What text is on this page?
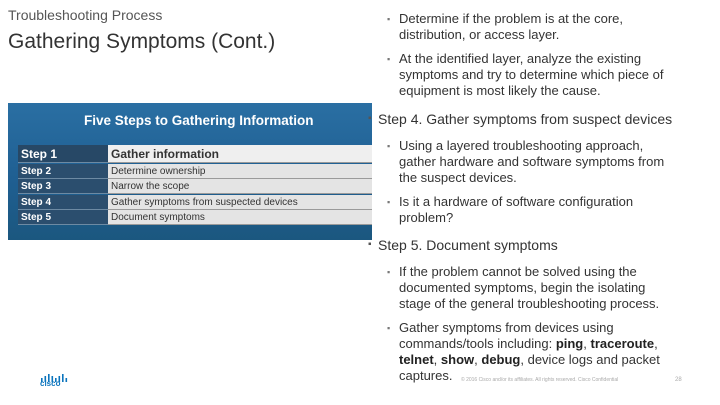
Troubleshooting Process
Gathering Symptoms (Cont.)
Five Steps to Gathering Information
Step 1	Gather information
Step 2	Determine ownership
Step 3	Narrow the scope
Step 4	Gather symptoms from suspected devices
Step 5	Document symptoms
▪ Determine if the problem is at the core,
distribution, or access layer.
▪ At the identified layer, analyze the existing
symptoms and try to determine which piece of
equipment is most likely the cause.
▪ Step 4. Gather symptoms from suspect devices
▪ Using a layered troubleshooting approach,
gather hardware and software symptoms from
the suspect devices.
▪ Is it a hardware of software configuration
problem?
▪ Step 5. Document symptoms
▪ If the problem cannot be solved using the
documented symptoms, begin the isolating
stage of the general troubleshooting process.
▪ Gather symptoms from devices using
commands/tools including: ping, traceroute,
telnet, show, debug, device logs and packet
captures.
cisco	© 2016 Cisco and/or its affiliates. All rights reserved. Cisco Confidential	28
